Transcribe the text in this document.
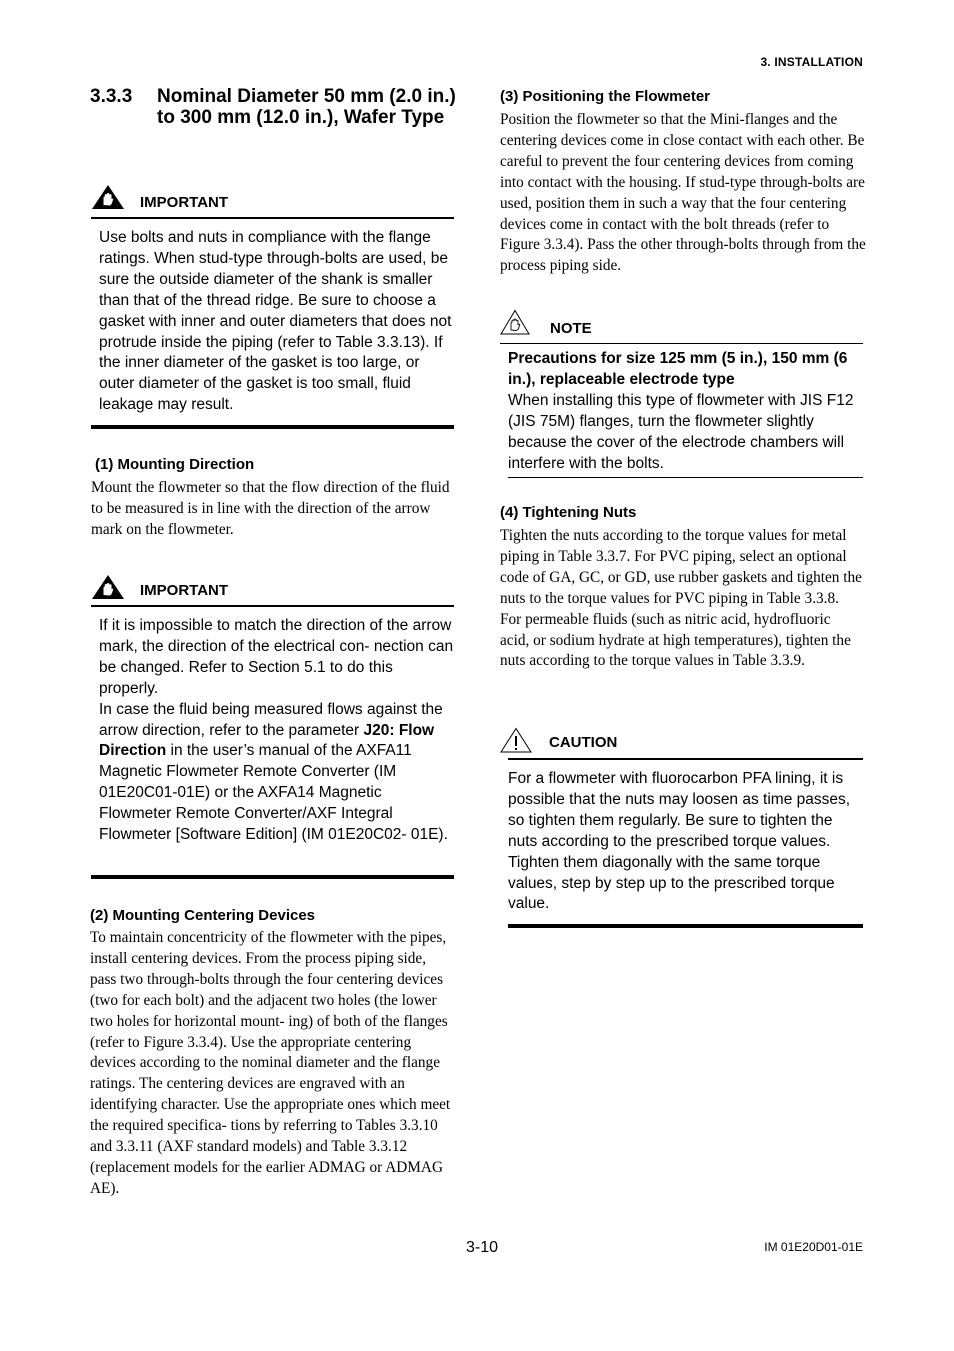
3. INSTALLATION
3.3.3 Nominal Diameter 50 mm (2.0 in.) to 300 mm (12.0 in.), Wafer Type
IMPORTANT
Use bolts and nuts in compliance with the flange ratings. When stud-type through-bolts are used, be sure the outside diameter of the shank is smaller than that of the thread ridge. Be sure to choose a gasket with inner and outer diameters that does not protrude inside the piping (refer to Table 3.3.13). If the inner diameter of the gasket is too large, or outer diameter of the gasket is too small, fluid leakage may result.
(1) Mounting Direction
Mount the flowmeter so that the flow direction of the fluid to be measured is in line with the direction of the arrow mark on the flowmeter.
IMPORTANT
If it is impossible to match the direction of the arrow mark, the direction of the electrical con- nection can be changed. Refer to Section 5.1 to do this properly.
In case the fluid being measured flows against the arrow direction, refer to the parameter J20: Flow Direction in the user’s manual of the AXFA11 Magnetic Flowmeter Remote Converter (IM 01E20C01-01E) or the AXFA14 Magnetic Flowmeter Remote Converter/AXF Integral Flowmeter [Software Edition] (IM 01E20C02- 01E).
(2) Mounting Centering Devices
To maintain concentricity of the flowmeter with the pipes, install centering devices. From the process piping side, pass two through-bolts through the four centering devices (two for each bolt) and the adjacent two holes (the lower two holes for horizontal mount- ing) of both of the flanges (refer to Figure 3.3.4). Use the appropriate centering devices according to the nominal diameter and the flange ratings. The centering devices are engraved with an identifying character. Use the appropriate ones which meet the required specifica- tions by referring to Tables 3.3.10 and 3.3.11 (AXF standard models) and Table 3.3.12 (replacement models for the earlier ADMAG or ADMAG AE).
(3) Positioning the Flowmeter
Position the flowmeter so that the Mini-flanges and the centering devices come in close contact with each other. Be careful to prevent the four centering devices from coming into contact with the housing. If stud-type through-bolts are used, position them in such a way that the four centering devices come in contact with the bolt threads (refer to Figure 3.3.4). Pass the other through-bolts through from the process piping side.
NOTE
Precautions for size 125 mm (5 in.), 150 mm (6 in.), replaceable electrode type
When installing this type of flowmeter with JIS F12 (JIS 75M) flanges, turn the flowmeter slightly because the cover of the electrode chambers will interfere with the bolts.
(4) Tightening Nuts
Tighten the nuts according to the torque values for metal piping in Table 3.3.7. For PVC piping, select an optional code of GA, GC, or GD, use rubber gaskets and tighten the nuts to the torque values for PVC piping in Table 3.3.8.
For permeable fluids (such as nitric acid, hydrofluoric acid, or sodium hydrate at high temperatures), tighten the nuts according to the torque values in Table 3.3.9.
CAUTION
For a flowmeter with fluorocarbon PFA lining, it is possible that the nuts may loosen as time passes, so tighten them regularly. Be sure to tighten the nuts according to the prescribed torque values. Tighten them diagonally with the same torque values, step by step up to the prescribed torque value.
3-10	IM 01E20D01-01E
